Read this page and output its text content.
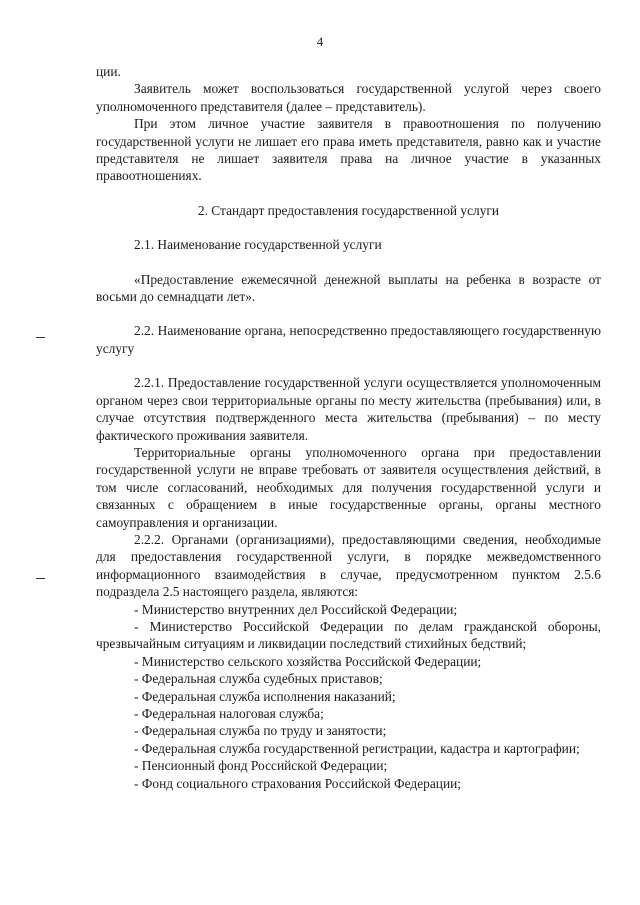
4

ции.

Заявитель может воспользоваться государственной услугой через своего уполномоченного представителя (далее – представитель).

При этом личное участие заявителя в правоотношения по получению государственной услуги не лишает его права иметь представителя, равно как и участие представителя не лишает заявителя права на личное участие в указанных правоотношениях.

2. Стандарт предоставления государственной услуги

2.1. Наименование государственной услуги

«Предоставление ежемесячной денежной выплаты на ребенка в возрасте от восьми до семнадцати лет».

2.2. Наименование органа, непосредственно предоставляющего государственную услугу

2.2.1. Предоставление государственной услуги осуществляется уполномоченным органом через свои территориальные органы по месту жительства (пребывания) или, в случае отсутствия подтвержденного места жительства (пребывания) – по месту фактического проживания заявителя.

Территориальные органы уполномоченного органа при предоставлении государственной услуги не вправе требовать от заявителя осуществления действий, в том числе согласований, необходимых для получения государственной услуги и связанных с обращением в иные государственные органы, органы местного самоуправления и организации.

2.2.2. Органами (организациями), предоставляющими сведения, необходимые для предоставления государственной услуги, в порядке межведомственного информационного взаимодействия в случае, предусмотренном пунктом 2.5.6 подраздела 2.5 настоящего раздела, являются:

- Министерство внутренних дел Российской Федерации;

- Министерство Российской Федерации по делам гражданской обороны, чрезвычайным ситуациям и ликвидации последствий стихийных бедствий;

- Министерство сельского хозяйства Российской Федерации;

- Федеральная служба судебных приставов;

- Федеральная служба исполнения наказаний;

- Федеральная налоговая служба;

- Федеральная служба по труду и занятости;

- Федеральная служба государственной регистрации, кадастра и картографии;

- Пенсионный фонд Российской Федерации;

- Фонд социального страхования Российской Федерации;
